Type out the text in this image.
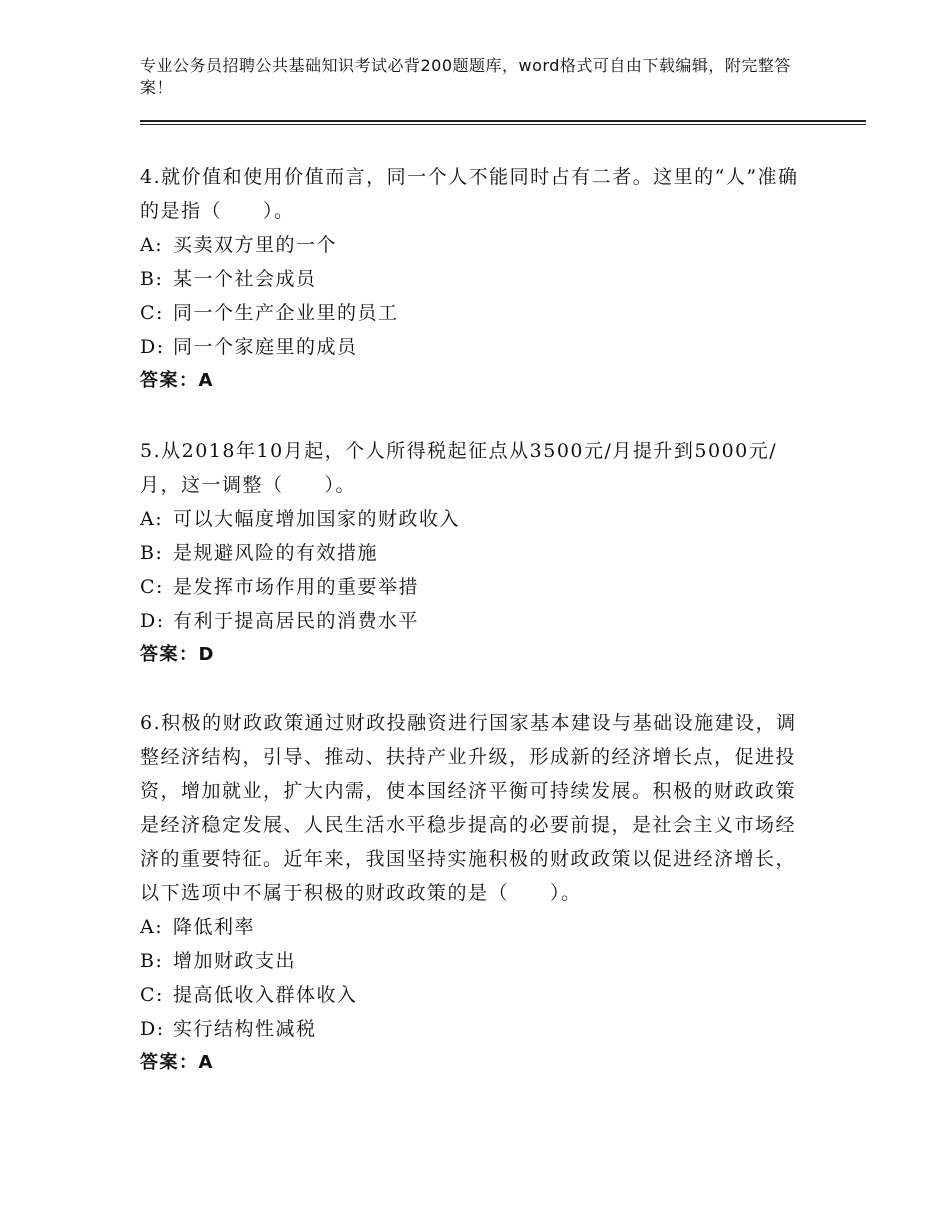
专业公务员招聘公共基础知识考试必背200题题库，word格式可自由下载编辑，附完整答案！
4.就价值和使用价值而言，同一个人不能同时占有二者。这里的“人”准确的是指（　　）。
A: 买卖双方里的一个
B: 某一个社会成员
C: 同一个生产企业里的员工
D: 同一个家庭里的成员
答案：A
5.从2018年10月起，个人所得税起征点从3500元/月提升到5000元/月，这一调整（　　）。
A: 可以大幅度增加国家的财政收入
B: 是规避风险的有效措施
C: 是发挥市场作用的重要举措
D: 有利于提高居民的消费水平
答案：D
6.积极的财政政策通过财政投融资进行国家基本建设与基础设施建设，调整经济结构，引导、推动、扶持产业升级，形成新的经济增长点，促进投资，增加就业，扩大内需，使本国经济平衡可持续发展。积极的财政政策是经济稳定发展、人民生活水平稳步提高的必要前提，是社会主义市场经济的重要特征。近年来，我国坚持实施积极的财政政策以促进经济增长，以下选项中不属于积极的财政政策的是（　　）。
A: 降低利率
B: 增加财政支出
C: 提高低收入群体收入
D: 实行结构性减税
答案：A
